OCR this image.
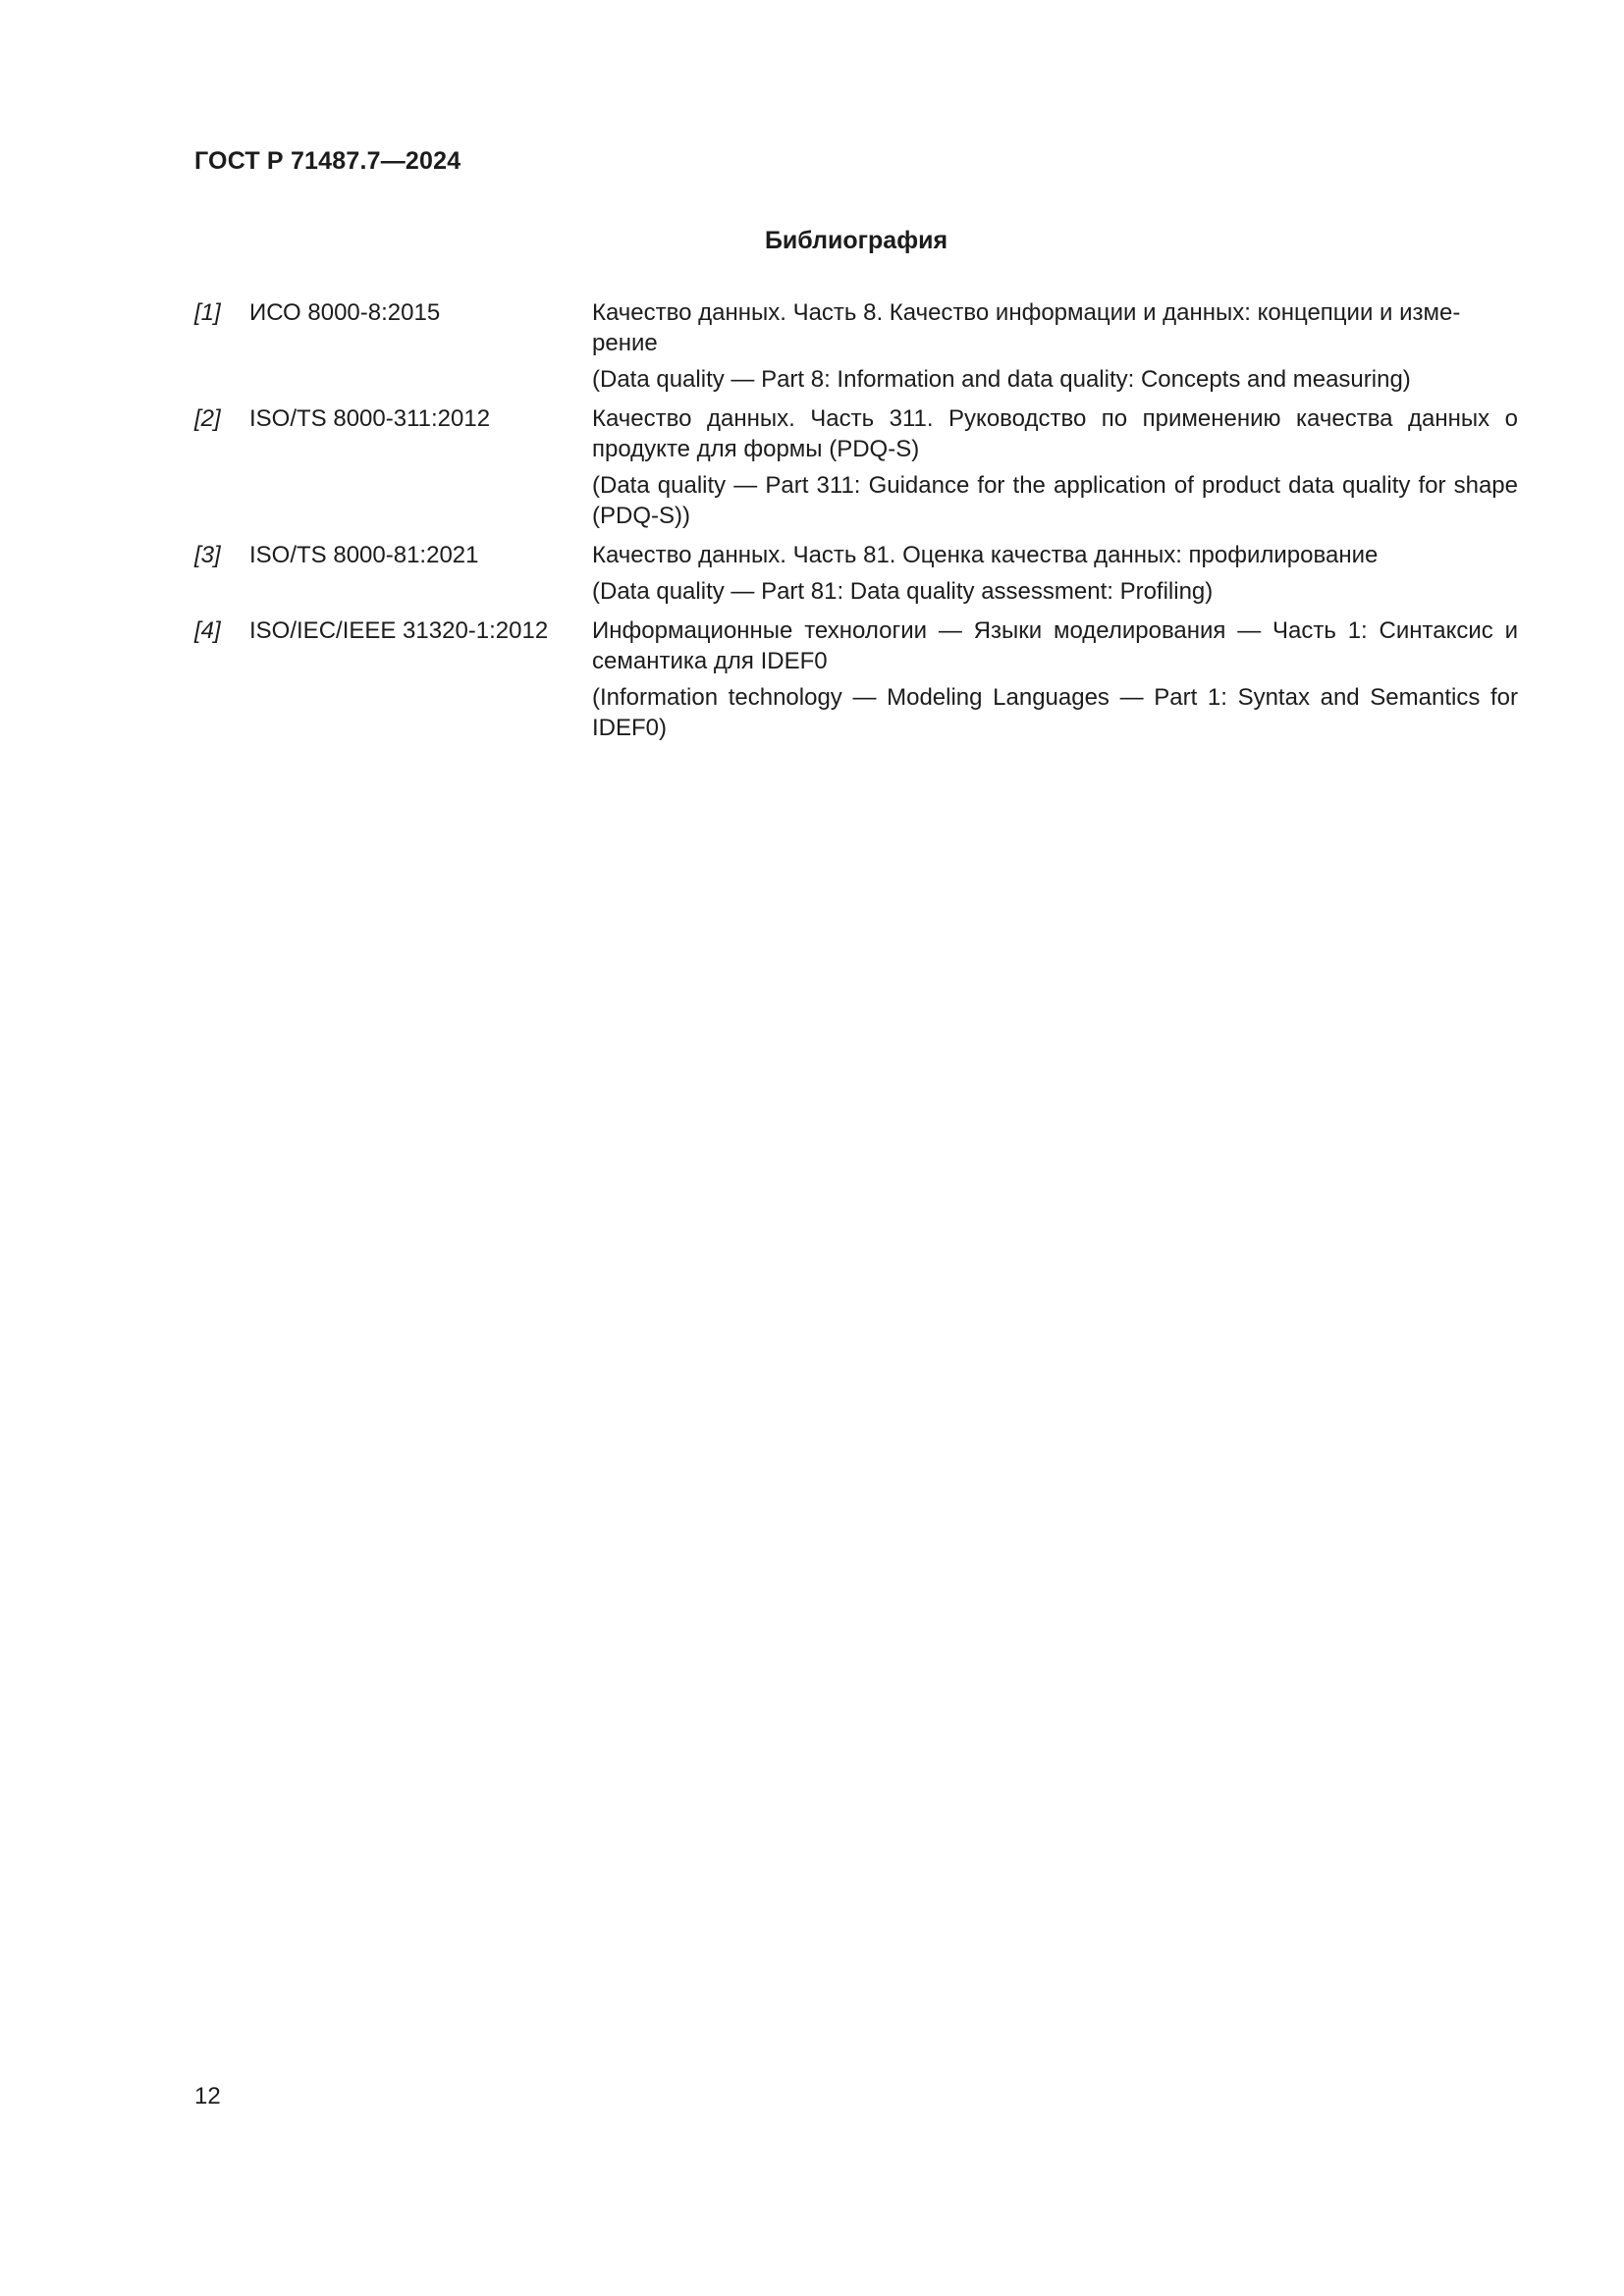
ГОСТ Р 71487.7—2024
Библиография
[1] ИСО 8000-8:2015	Качество данных. Часть 8. Качество информации и данных: концепции и изме-
рение

(Data quality — Part 8: Information and data quality: Concepts and measuring)

[2] ISO/TS 8000-311:2012	Качество данных. Часть 311. Руководство по применению качества данных о продукте для формы (PDQ-S)

(Data quality — Part 311: Guidance for the application of product data quality for shape (PDQ-S))

[3] ISO/TS 8000-81:2021	Качество данных. Часть 81. Оценка качества данных: профилирование

(Data quality — Part 81: Data quality assessment: Profiling)

[4] ISO/IEC/IEEE 31320-1:2012 Информационные технологии — Языки моделирования — Часть 1: Синтаксис и семантика для IDEF0

(Information technology — Modeling Languages — Part 1: Syntax and Semantics for IDEF0)

12
